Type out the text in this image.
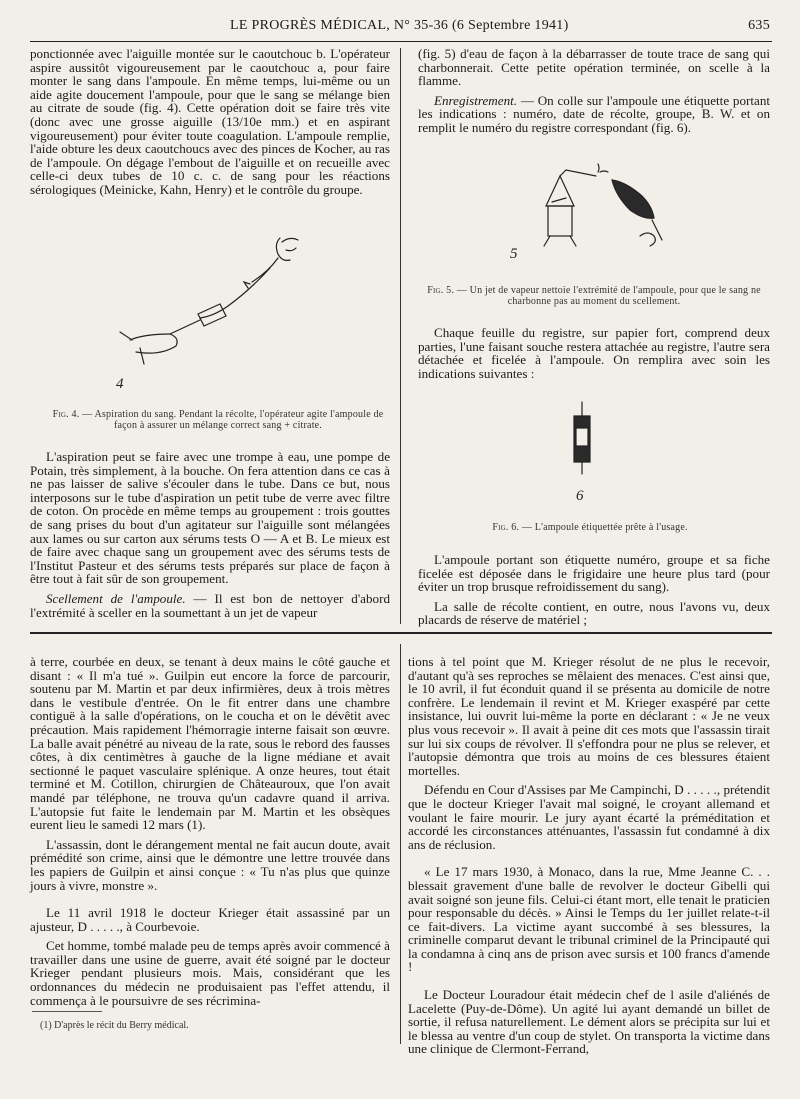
LE PROGRÈS MÉDICAL, N° 35-36 (6 Septembre 1941)	635

ponctionnée avec l'aiguille montée sur le caoutchouc b. L'opérateur aspire aussitôt vigoureusement par le caoutchouc a, pour faire monter le sang dans l'ampoule. En même temps, lui-même ou un aide agite doucement l'ampoule, pour que le sang se mélange bien au citrate de soude (fig. 4). Cette opération doit se faire très vite (donc avec une grosse aiguille (13/10e mm.) et en aspirant vigoureusement) pour éviter toute coagulation. L'ampoule remplie, l'aide obture les deux caoutchoucs avec des pinces de Kocher, au ras de l'ampoule. On dégage l'embout de l'aiguille et on recueille avec celle-ci deux tubes de 10 c. c. de sang pour les réactions sérologiques (Meinicke, Kahn, Henry) et le contrôle du groupe.

4
Fig. 4. — Aspiration du sang. Pendant la récolte, l'opérateur agite l'ampoule de façon à assurer un mélange correct sang + citrate.

L'aspiration peut se faire avec une trompe à eau, une pompe de Potain, très simplement, à la bouche. On fera attention dans ce cas à ne pas laisser de salive s'écouler dans le tube. Dans ce but, nous interposons sur le tube d'aspiration un petit tube de verre avec filtre de coton. On procède en même temps au groupement : trois gouttes de sang prises du bout d'un agitateur sur l'aiguille sont mélangées aux lames ou sur carton aux sérums tests O — A et B. Le mieux est de faire avec chaque sang un groupement avec des sérums tests de l'Institut Pasteur et des sérums tests préparés sur place de façon à être tout à fait sûr de son groupement.

Scellement de l'ampoule. — Il est bon de nettoyer d'abord l'extrémité à sceller en la soumettant à un jet de vapeur

(fig. 5) d'eau de façon à la débarrasser de toute trace de sang qui charbonnerait. Cette petite opération terminée, on scelle à la flamme.

Enregistrement. — On colle sur l'ampoule une étiquette portant les indications : numéro, date de récolte, groupe, B. W. et on remplit le numéro du registre correspondant (fig. 6).

5
Fig. 5. — Un jet de vapeur nettoie l'extrémité de l'ampoule, pour que le sang ne charbonne pas au moment du scellement.

Chaque feuille du registre, sur papier fort, comprend deux parties, l'une faisant souche restera attachée au registre, l'autre sera détachée et ficelée à l'ampoule. On remplira avec soin les indications suivantes :

6
Fig. 6. — L'ampoule étiquettée prête à l'usage.

L'ampoule portant son étiquette numéro, groupe et sa fiche ficelée est déposée dans le frigidaire une heure plus tard (pour éviter un trop brusque refroidissement du sang).

La salle de récolte contient, en outre, nous l'avons vu, deux placards de réserve de matériel ;

à terre, courbée en deux, se tenant à deux mains le côté gauche et disant : « Il m'a tué ». Guilpin eut encore la force de parcourir, soutenu par M. Martin et par deux infirmières, deux à trois mètres dans le vestibule d'entrée. On le fit entrer dans une chambre contiguë à la salle d'opérations, on le coucha et on le dévêtit avec précaution. Mais rapidement l'hémorragie interne faisait son œuvre. La balle avait pénétré au niveau de la rate, sous le rebord des fausses côtes, à dix centimètres à gauche de la ligne médiane et avait sectionné le paquet vasculaire splénique. A onze heures, tout était terminé et M. Cotillon, chirurgien de Châteauroux, que l'on avait mandé par téléphone, ne trouva qu'un cadavre quand il arriva. L'autopsie fut faite le lendemain par M. Martin et les obsèques eurent lieu le samedi 12 mars (1).

L'assassin, dont le dérangement mental ne fait aucun doute, avait prémédité son crime, ainsi que le démontre une lettre trouvée dans les papiers de Guilpin et ainsi conçue : « Tu n'as plus que quinze jours à vivre, monstre ».

Le 11 avril 1918 le docteur Krieger était assassiné par un ajusteur, D . . . . ., à Courbevoie.

Cet homme, tombé malade peu de temps après avoir commencé à travailler dans une usine de guerre, avait été soigné par le docteur Krieger pendant plusieurs mois. Mais, considérant que les ordonnances du médecin ne produisaient pas l'effet attendu, il commença à le poursuivre de ses récrimina-

(1) D'après le récit du Berry médical.

tions à tel point que M. Krieger résolut de ne plus le recevoir, d'autant qu'à ses reproches se mêlaient des menaces. C'est ainsi que, le 10 avril, il fut éconduit quand il se présenta au domicile de notre confrère. Le lendemain il revint et M. Krieger exaspéré par cette insistance, lui ouvrit lui-même la porte en déclarant : « Je ne veux plus vous recevoir ». Il avait à peine dit ces mots que l'assassin tirait sur lui six coups de révolver. Il s'effondra pour ne plus se relever, et l'autopsie démontra que trois au moins de ces blessures étaient mortelles.

Défendu en Cour d'Assises par Me Campinchi, D . . . . ., prétendit que le docteur Krieger l'avait mal soigné, le croyant allemand et voulant le faire mourir. Le jury ayant écarté la préméditation et accordé les circonstances atténuantes, l'assassin fut condamné à dix ans de réclusion.

« Le 17 mars 1930, à Monaco, dans la rue, Mme Jeanne C. . . blessait gravement d'une balle de revolver le docteur Gibelli qui avait soigné son jeune fils. Celui-ci étant mort, elle tenait le praticien pour responsable du décès. » Ainsi le Temps du 1er juillet relate-t-il ce fait-divers. La victime ayant succombé à ses blessures, la criminelle comparut devant le tribunal criminel de la Principauté qui la condamna à cinq ans de prison avec sursis et 100 francs d'amende !

Le Docteur Louradour était médecin chef de l asile d'aliénés de Lacelette (Puy-de-Dôme). Un agité lui ayant demandé un billet de sortie, il refusa naturellement. Le dément alors se précipita sur lui et le blessa au ventre d'un coup de stylet. On transporta la victime dans une clinique de Clermont-Ferrand,
